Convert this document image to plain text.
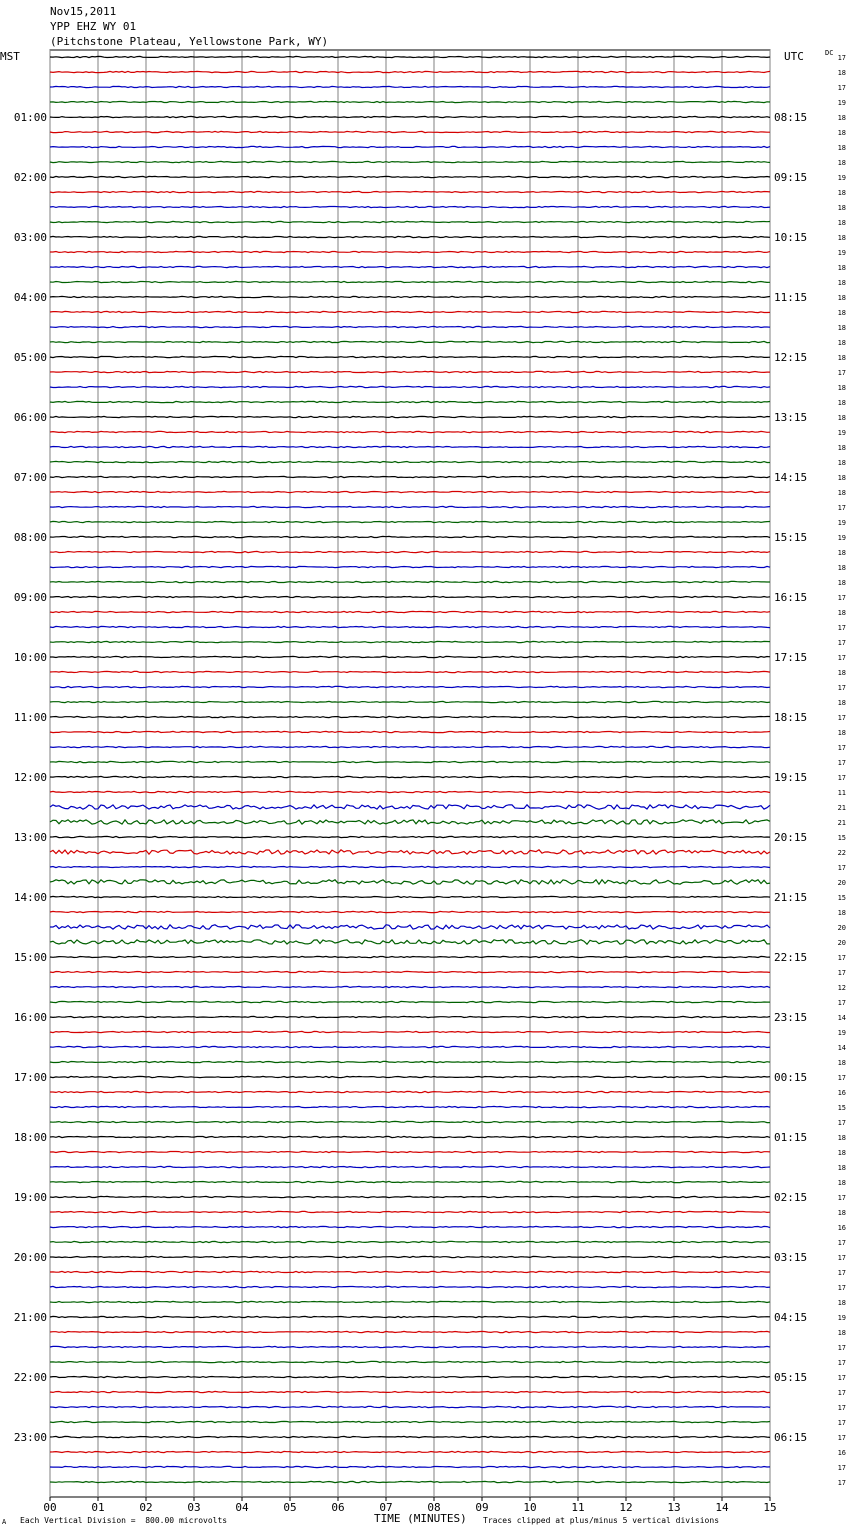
Nov15,2011
YPP EHZ WY 01
(Pitchstone Plateau, Yellowstone Park, WY)
MST	UTC	DC
00	01	02	03	04	05	06	07	08	09	10	11	12	13	14	15
01:00
02:00
03:00
04:00
05:00
06:00
07:00
08:00
09:00
10:00
11:00
12:00
13:00
14:00
15:00
16:00
17:00
18:00
19:00
20:00
21:00
22:00
23:00
08:15
09:15
10:15
11:15
12:15
13:15
14:15
15:15
16:15
17:15
18:15
19:15
20:15
21:15
22:15
23:15
00:15
01:15
02:15
03:15
04:15
05:15
06:15
17
18
17
19
18
18
18
18
19
18
18
18
18
19
18
18
18
18
18
18
18
17
18
18
18
19
18
18
18
18
17
19
19
18
18
18
17
18
17
17
17
18
17
18
17
18
17
17
17
11
21
21
15
22
17
20
15
18
20
20
17
17
12
17
14
19
14
18
17
16
15
17
18
18
18
18
17
18
16
17
17
17
17
18
19
18
17
17
17
17
17
17
17
16
17
17
A Each Vertical Division =  800.00 microvolts	TIME (MINUTES) Traces clipped at plus/minus 5 vertical divisions
